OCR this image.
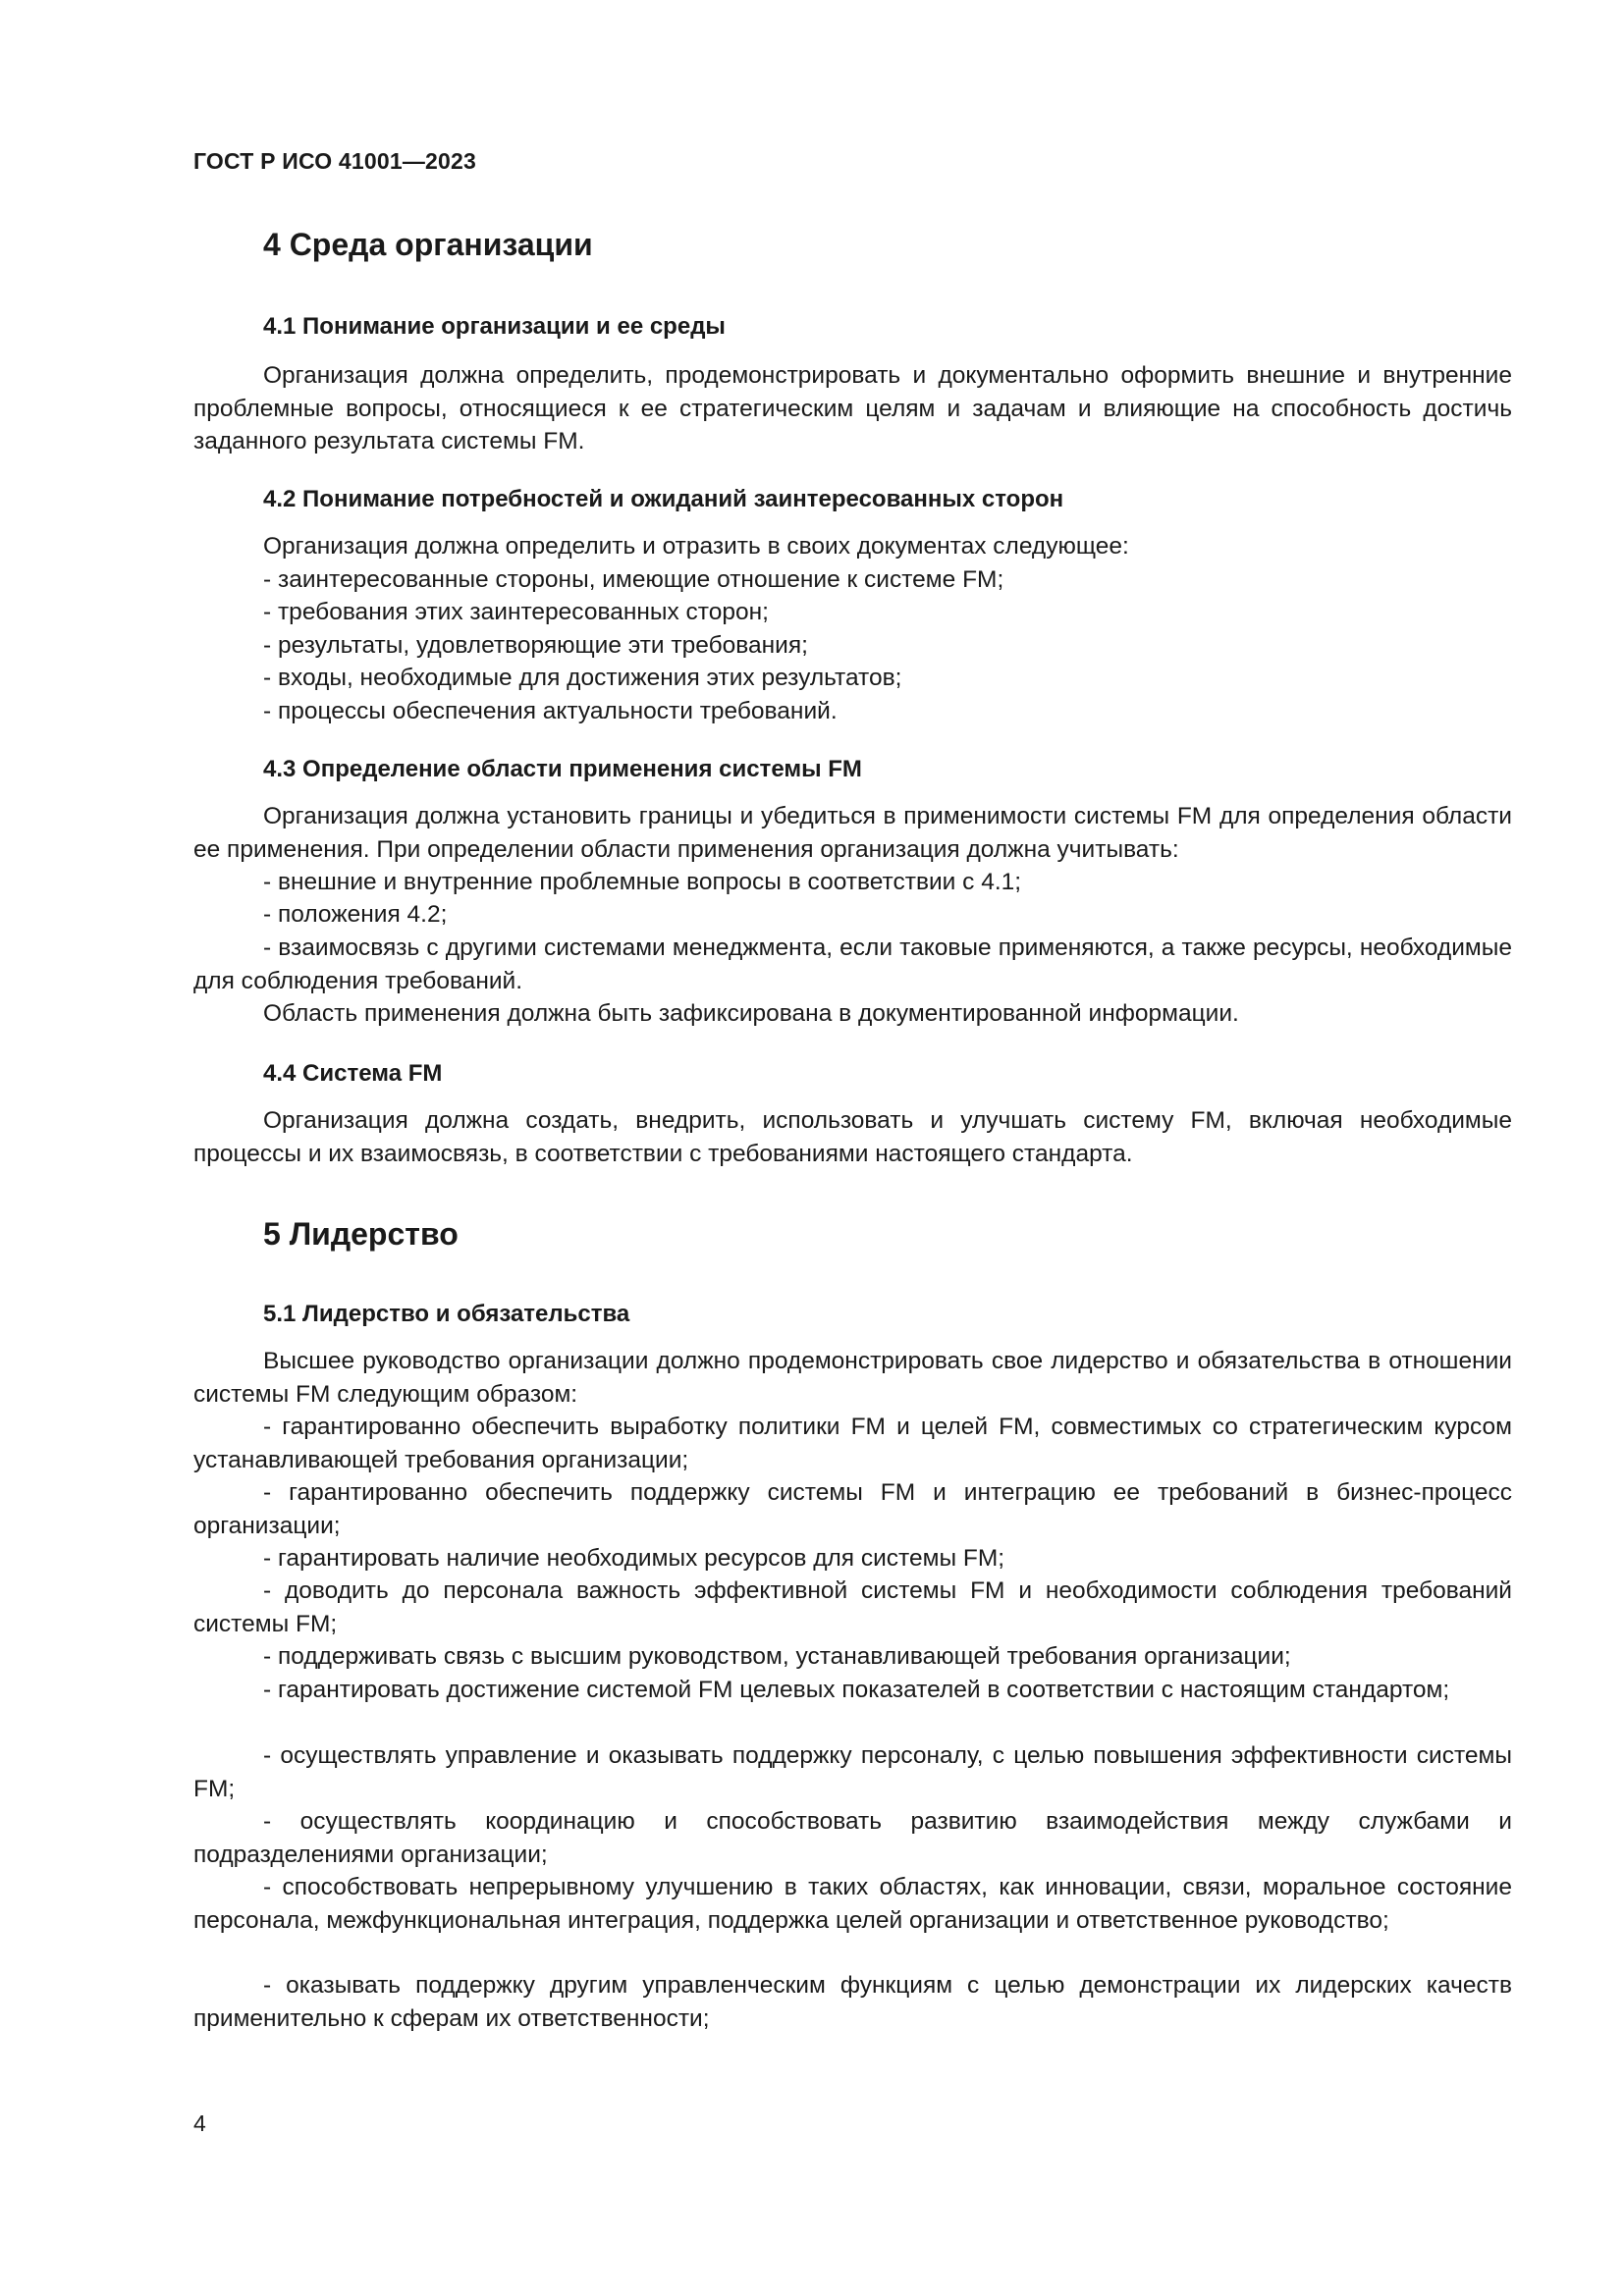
ГОСТ Р ИСО 41001—2023

4 Среда организации
4.1 Понимание организации и ее среды

Организация должна определить, продемонстрировать и документально оформить внешние и внутренние проблемные вопросы, относящиеся к ее стратегическим целям и задачам и влияющие на способность достичь заданного результата системы FM.

4.2 Понимание потребностей и ожиданий заинтересованных сторон

Организация должна определить и отразить в своих документах следующее:

- заинтересованные стороны, имеющие отношение к системе FM;

- требования этих заинтересованных сторон;

- результаты, удовлетворяющие эти требования;

- входы, необходимые для достижения этих результатов;

- процессы обеспечения актуальности требований.

4.3 Определение области применения системы FM

Организация должна установить границы и убедиться в применимости системы FM для определения области ее применения. При определении области применения организация должна учитывать:

- внешние и внутренние проблемные вопросы в соответствии с 4.1;

- положения 4.2;

- взаимосвязь с другими системами менеджмента, если таковые применяются, а также ресурсы, необходимые для соблюдения требований.

Область применения должна быть зафиксирована в документированной информации.

4.4 Система FM

Организация должна создать, внедрить, использовать и улучшать систему FM, включая необходимые процессы и их взаимосвязь, в соответствии с требованиями настоящего стандарта.

5 Лидерство
5.1 Лидерство и обязательства

Высшее руководство организации должно продемонстрировать свое лидерство и обязательства в отношении системы FM следующим образом:

- гарантированно обеспечить выработку политики FM и целей FM, совместимых со стратегическим курсом устанавливающей требования организации;

- гарантированно обеспечить поддержку системы FM и интеграцию ее требований в бизнес-процесс организации;

- гарантировать наличие необходимых ресурсов для системы FM;

- доводить до персонала важность эффективной системы FM и необходимости соблюдения требований системы FM;

- поддерживать связь с высшим руководством, устанавливающей требования организации;

- гарантировать достижение системой FM целевых показателей в соответствии с настоящим стандартом;

- осуществлять управление и оказывать поддержку персоналу, с целью повышения эффективности системы FM;

- осуществлять координацию и способствовать развитию взаимодействия между службами и подразделениями организации;

- способствовать непрерывному улучшению в таких областях, как инновации, связи, моральное состояние персонала, межфункциональная интеграция, поддержка целей организации и ответственное руководство;

- оказывать поддержку другим управленческим функциям с целью демонстрации их лидерских качеств применительно к сферам их ответственности;

4
